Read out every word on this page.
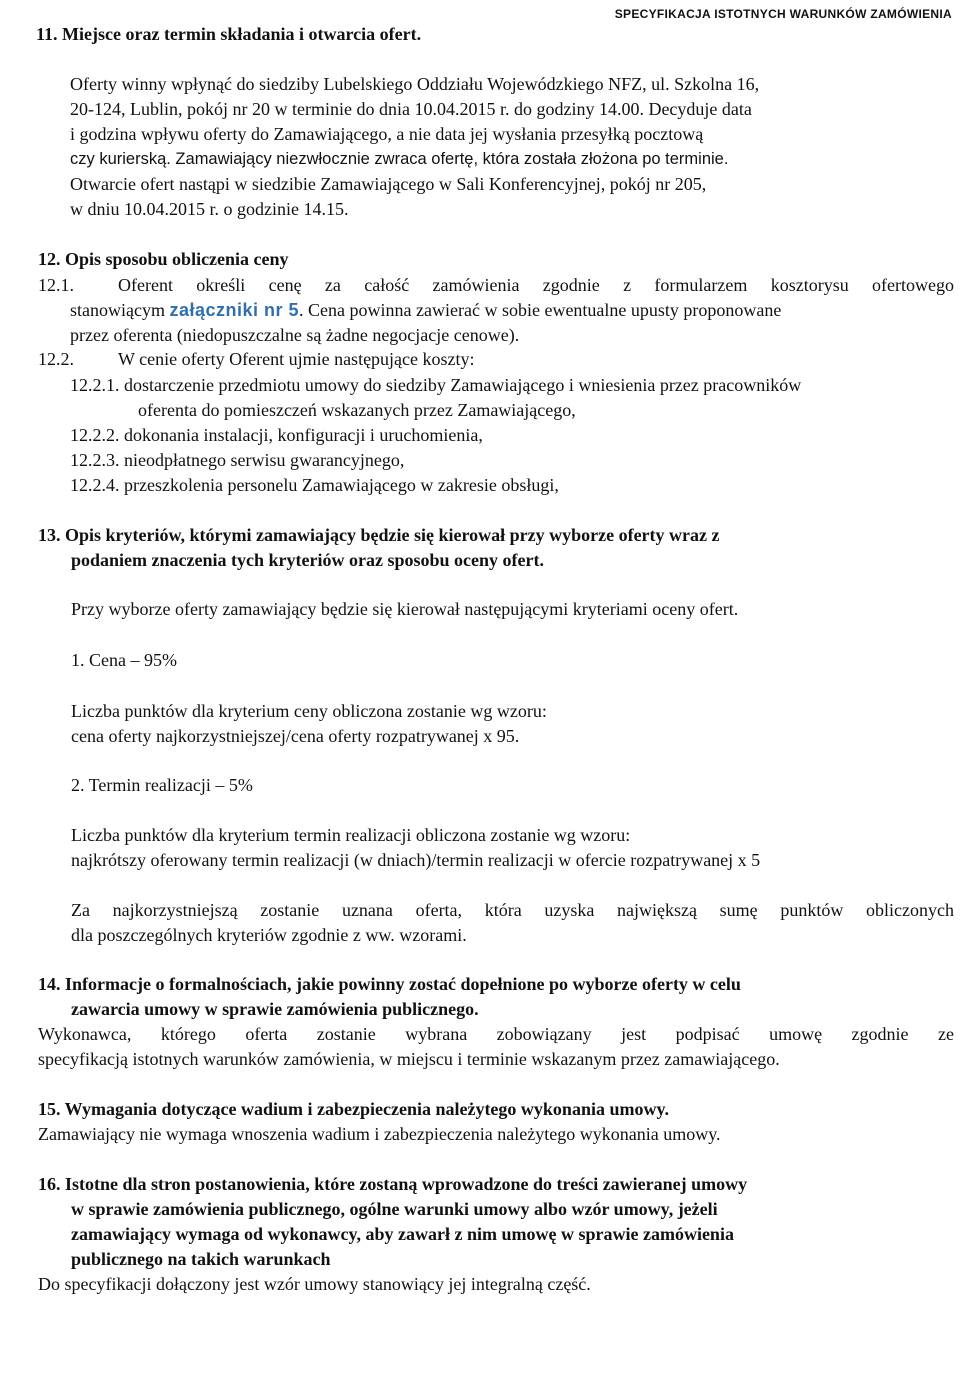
SPECYFIKACJA ISTOTNYCH WARUNKÓW ZAMÓWIENIA
11. Miejsce oraz termin składania i otwarcia ofert.
Oferty winny wpłynąć do siedziby Lubelskiego Oddziału Wojewódzkiego NFZ, ul. Szkolna 16,
20-124, Lublin, pokój nr 20 w terminie do dnia 10.04.2015 r. do godziny 14.00. Decyduje data
i godzina wpływu oferty do Zamawiającego, a nie data jej wysłania przesyłką pocztową
czy kurierską. Zamawiający niezwłocznie zwraca ofertę, która została złożona po terminie.
Otwarcie ofert nastąpi w siedzibie Zamawiającego w Sali Konferencyjnej, pokój nr 205,
w dniu 10.04.2015 r. o godzinie 14.15.
12. Opis sposobu obliczenia ceny
12.1. Oferent określi cenę za całość zamówienia zgodnie z formularzem kosztorysu ofertowego
stanowiącym załączniki nr 5. Cena powinna zawierać w sobie ewentualne upusty proponowane
przez oferenta (niedopuszczalne są żadne negocjacje cenowe).
12.2. W cenie oferty Oferent ujmie następujące koszty:
12.2.1. dostarczenie przedmiotu umowy do siedziby Zamawiającego i wniesienia przez pracowników
oferenta do pomieszczeń wskazanych przez Zamawiającego,
12.2.2. dokonania instalacji, konfiguracji i uruchomienia,
12.2.3. nieodpłatnego serwisu gwarancyjnego,
12.2.4. przeszkolenia personelu Zamawiającego w zakresie obsługi,
13. Opis kryteriów, którymi zamawiający będzie się kierował przy wyborze oferty wraz z
podaniem znaczenia tych kryteriów oraz sposobu oceny ofert.
Przy wyborze oferty zamawiający będzie się kierował następującymi kryteriami oceny ofert.
1. Cena – 95%
Liczba punktów dla kryterium ceny obliczona zostanie wg wzoru:
cena oferty najkorzystniejszej/cena oferty rozpatrywanej x 95.
2. Termin realizacji – 5%
Liczba punktów dla kryterium termin realizacji obliczona zostanie wg wzoru:
najkrótszy oferowany termin realizacji (w dniach)/termin realizacji w ofercie rozpatrywanej x 5
Za najkorzystniejszą zostanie uznana oferta, która uzyska największą sumę punktów obliczonych
dla poszczególnych kryteriów zgodnie z ww. wzorami.
14. Informacje o formalnościach, jakie powinny zostać dopełnione po wyborze oferty w celu
zawarcia umowy w sprawie zamówienia publicznego.
Wykonawca, którego oferta zostanie wybrana zobowiązany jest podpisać umowę zgodnie ze
specyfikacją istotnych warunków zamówienia, w miejscu i terminie wskazanym przez zamawiającego.
15. Wymagania dotyczące wadium i zabezpieczenia należytego wykonania umowy.
Zamawiający nie wymaga wnoszenia wadium i zabezpieczenia należytego wykonania umowy.
16. Istotne dla stron postanowienia, które zostaną wprowadzone do treści zawieranej umowy
w sprawie zamówienia publicznego, ogólne warunki umowy albo wzór umowy, jeżeli
zamawiający wymaga od wykonawcy, aby zawarł z nim umowę w sprawie zamówienia
publicznego na takich warunkach
Do specyfikacji dołączony jest wzór umowy stanowiący jej integralną część.
